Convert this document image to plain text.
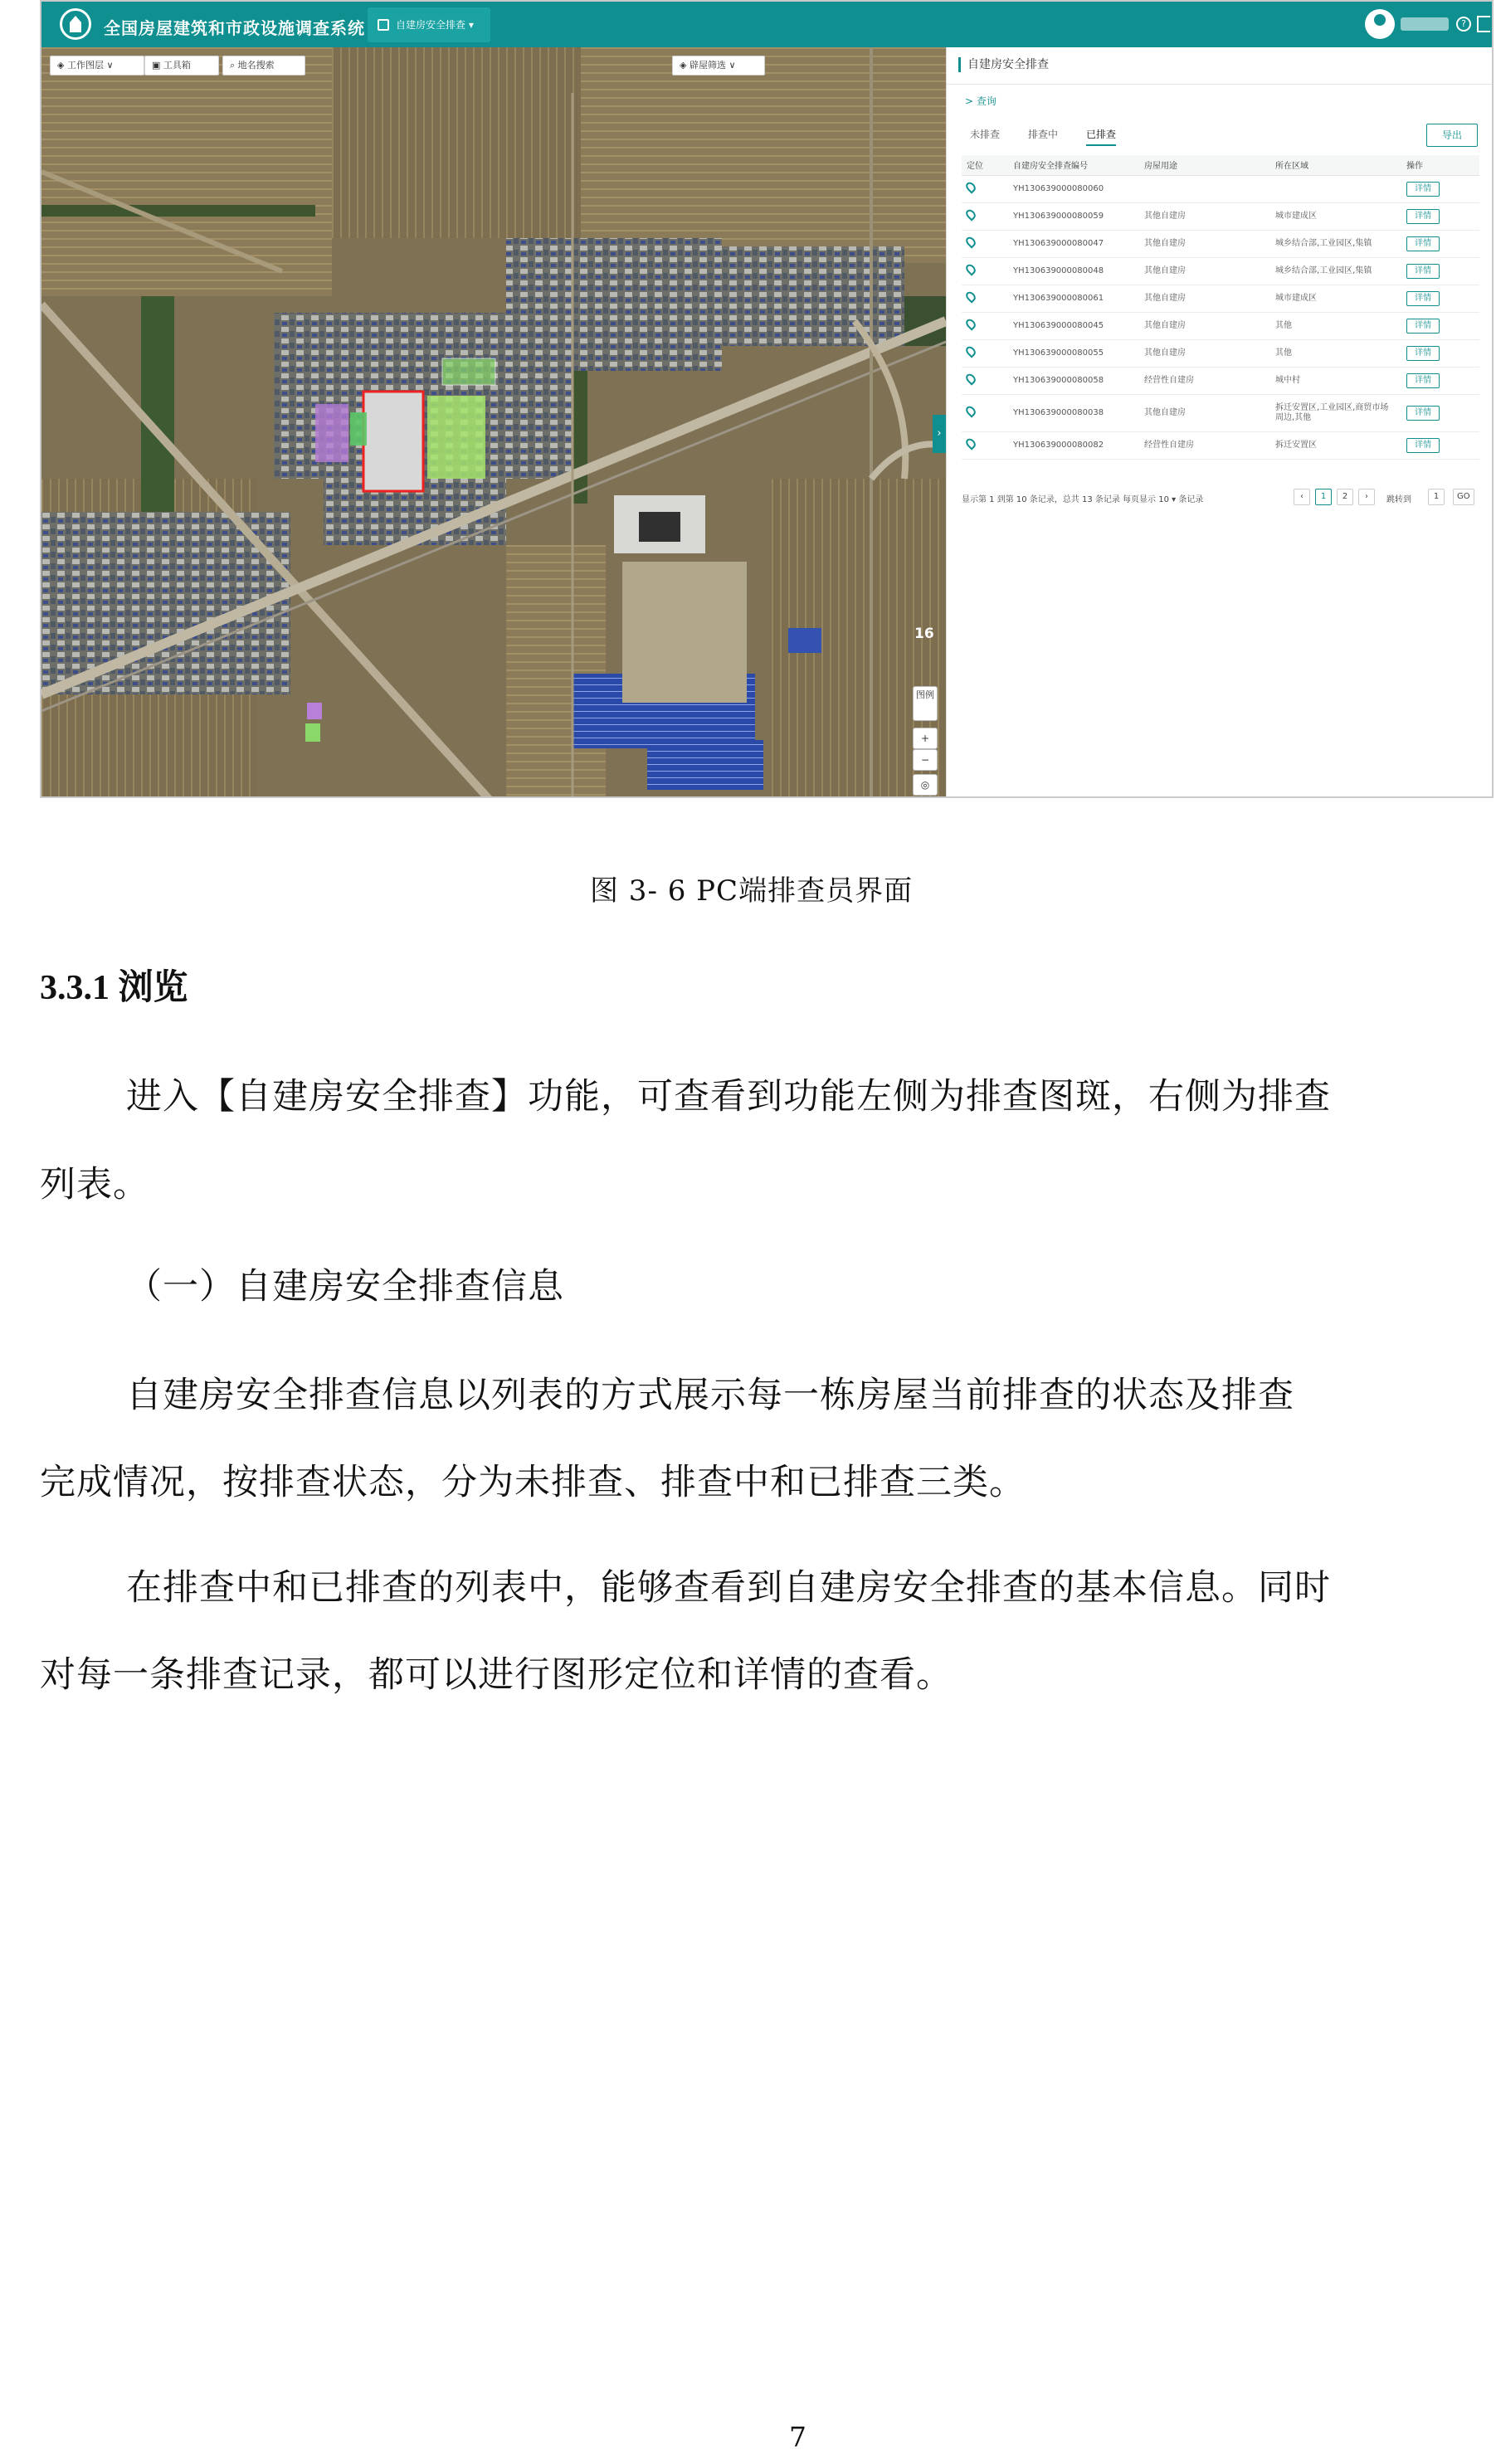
全国房屋建筑和市政设施调查系统	自建房安全排查 ▾	?
◈ 工作图层 ∨	▣ 工具箱	⌕ 地名搜索	◈ 辟屋筛选 ∨
16
图例
+
−
◎
›
自建房安全排查
> 查询
未排查	排查中	已排查	导出
定位	自建房安全排查编号	房屋用途	所在区域	操作
	YH130639000080060			详情
	YH130639000080059	其他自建房	城市建成区	详情
	YH130639000080047	其他自建房	城乡结合部,工业园区,集镇	详情
	YH130639000080048	其他自建房	城乡结合部,工业园区,集镇	详情
	YH130639000080061	其他自建房	城市建成区	详情
	YH130639000080045	其他自建房	其他	详情
	YH130639000080055	其他自建房	其他	详情
	YH130639000080058	经营性自建房	城中村	详情
	YH130639000080038	其他自建房	拆迁安置区,工业园区,商贸市场周边,其他	详情
	YH130639000080082	经营性自建房	拆迁安置区	详情
显示第 1 到第 10 条记录，总共 13 条记录 每页显示 10 ▾ 条记录	‹	1	2	›	跳转到	1	GO
图 3- 6 PC端排查员界面
3.3.1 浏览
进入【自建房安全排查】功能，可查看到功能左侧为排查图斑，右侧为排查
列表。
（一）自建房安全排查信息
自建房安全排查信息以列表的方式展示每一栋房屋当前排查的状态及排查
完成情况，按排查状态，分为未排查、排查中和已排查三类。
在排查中和已排查的列表中，能够查看到自建房安全排查的基本信息。同时
对每一条排查记录，都可以进行图形定位和详情的查看。
7
